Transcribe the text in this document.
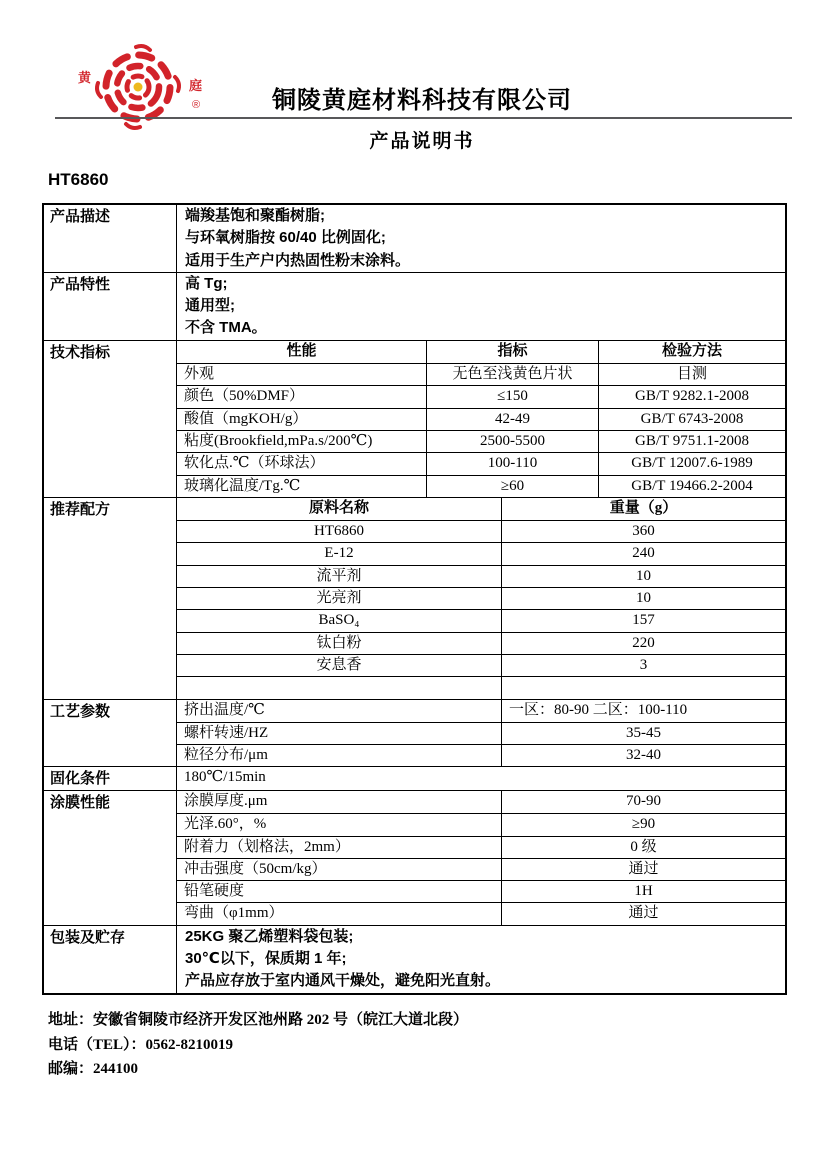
黄
庭
®	铜陵黄庭材料科技有限公司
产品说明书
HT6860
产品描述	端羧基饱和聚酯树脂;
与环氧树脂按 60/40 比例固化;
适用于生产户内热固性粉末涂料。
产品特性	高 Tg;
通用型;
不含 TMA。
技术指标	性能	指标	检验方法
外观	无色至浅黄色片状	目测
颜色（50%DMF）	≤150	GB/T 9282.1-2008
酸值（mgKOH/g）	42-49	GB/T 6743-2008
粘度(Brookfield,mPa.s/200℃)	2500-5500	GB/T 9751.1-2008
软化点.℃（环球法）	100-110	GB/T 12007.6-1989
玻璃化温度/Tg.℃	≥60	GB/T 19466.2-2004
推荐配方	原料名称	重量（g）
HT6860	360
E-12	240
流平剂	10
光亮剂	10
BaSO₄	157
钛白粉	220
安息香	3
工艺参数	挤出温度/℃	一区：80-90 二区：100-110
螺杆转速/HZ	35-45
粒径分布/μm	32-40
固化条件	180℃/15min
涂膜性能	涂膜厚度.μm	70-90
光泽.60°，%	≥90
附着力（划格法，2mm）	0 级
冲击强度（50cm/kg）	通过
铅笔硬度	1H
弯曲（φ1mm）	通过
包装及贮存	25KG 聚乙烯塑料袋包装;
30℃以下，保质期 1 年;
产品应存放于室内通风干燥处，避免阳光直射。
地址：安徽省铜陵市经济开发区池州路 202 号（皖江大道北段）
电话（TEL）：0562-8210019
邮编：244100
